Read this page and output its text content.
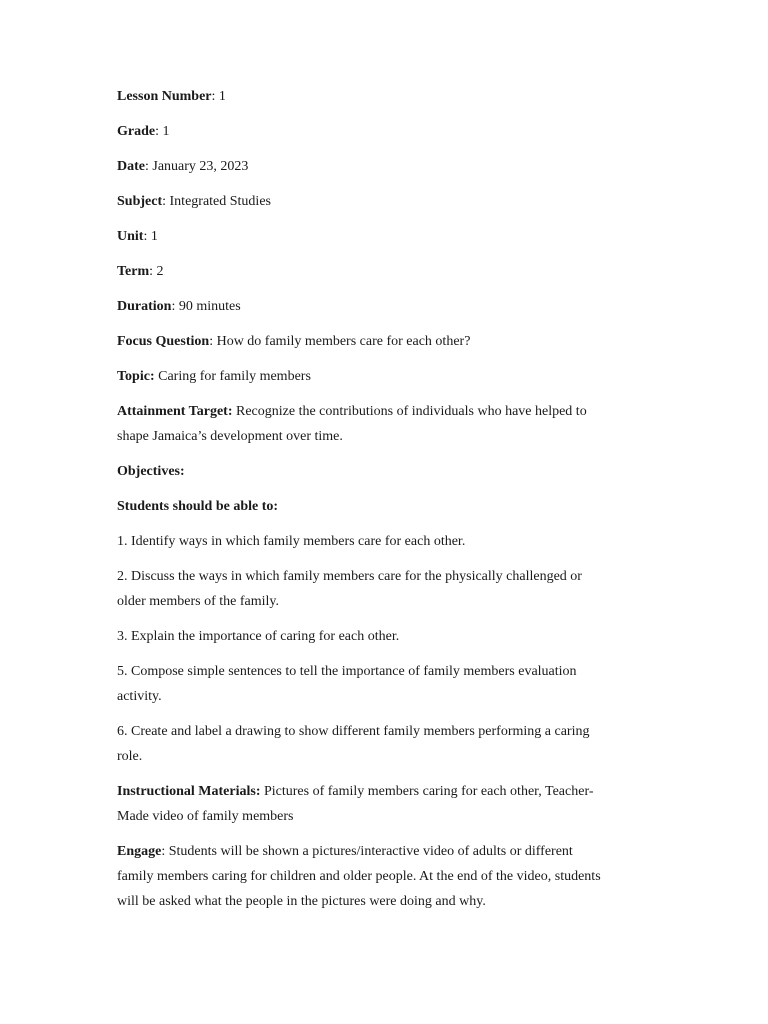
Lesson Number: 1
Grade: 1
Date: January 23, 2023
Subject: Integrated Studies
Unit: 1
Term: 2
Duration: 90 minutes
Focus Question: How do family members care for each other?
Topic: Caring for family members
Attainment Target: Recognize the contributions of individuals who have helped to
shape Jamaica’s development over time.
Objectives:
Students should be able to:
1. Identify ways in which family members care for each other.
2. Discuss the ways in which family members care for the physically challenged or
older members of the family.
3. Explain the importance of caring for each other.
5. Compose simple sentences to tell the importance of family members evaluation
activity.
6. Create and label a drawing to show different family members performing a caring
role.
Instructional Materials: Pictures of family members caring for each other, Teacher-
Made video of family members
Engage: Students will be shown a pictures/interactive video of adults or different
family members caring for children and older people. At the end of the video, students
will be asked what the people in the pictures were doing and why.
